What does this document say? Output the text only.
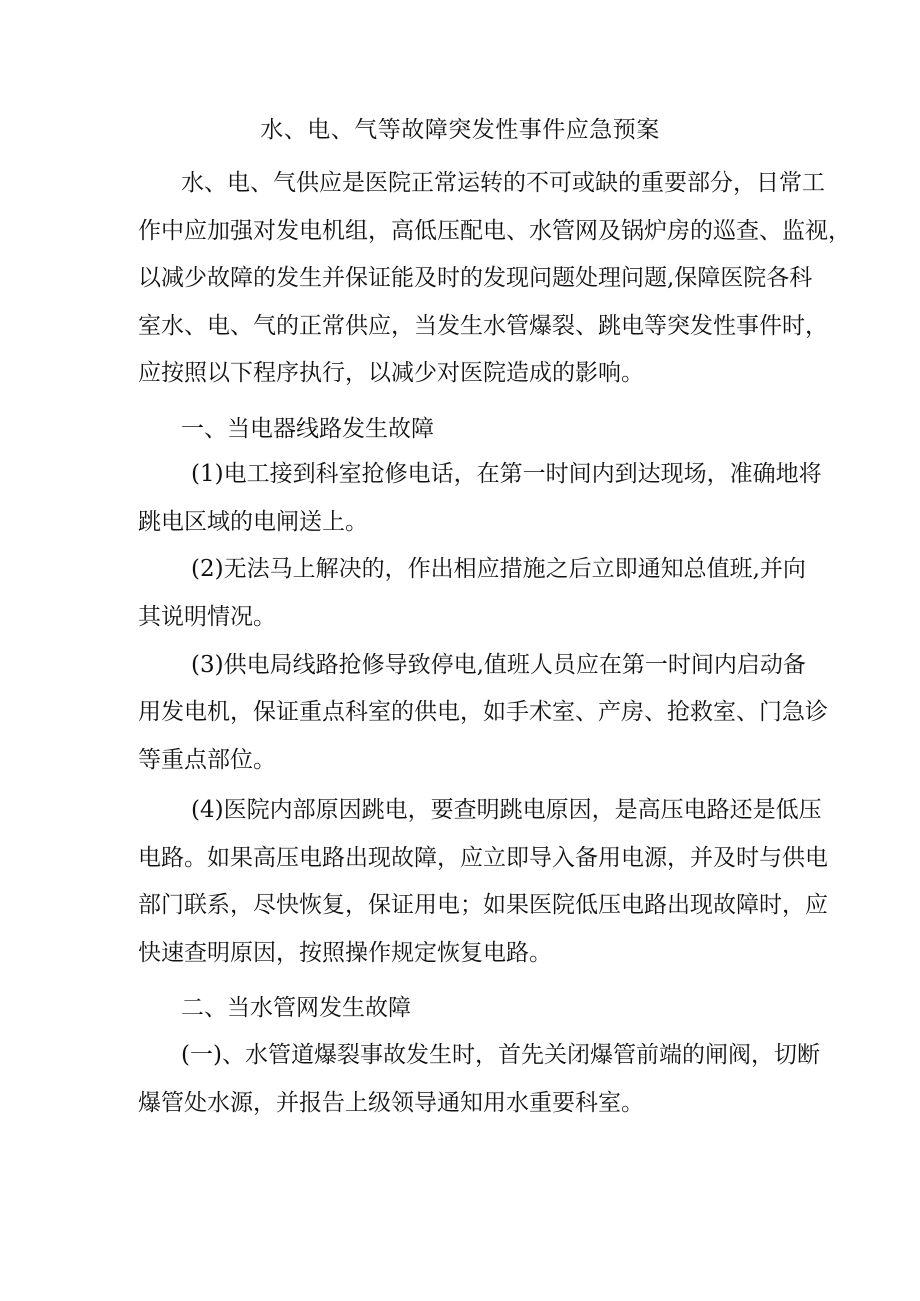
水、电、气等故障突发性事件应急预案
水、电、气供应是医院正常运转的不可或缺的重要部分，日常工
作中应加强对发电机组，高低压配电、水管网及锅炉房的巡查、监视，
以减少故障的发生并保证能及时的发现问题处理问题,保障医院各科
室水、电、气的正常供应，当发生水管爆裂、跳电等突发性事件时，
应按照以下程序执行，以减少对医院造成的影响。
一、当电器线路发生故障
(1)电工接到科室抢修电话，在第一时间内到达现场，准确地将
跳电区域的电闸送上。
(2)无法马上解决的，作出相应措施之后立即通知总值班,并向
其说明情况。
(3)供电局线路抢修导致停电,值班人员应在第一时间内启动备
用发电机，保证重点科室的供电，如手术室、产房、抢救室、门急诊
等重点部位。
(4)医院内部原因跳电，要查明跳电原因，是高压电路还是低压
电路。如果高压电路出现故障，应立即导入备用电源，并及时与供电
部门联系，尽快恢复，保证用电；如果医院低压电路出现故障时，应
快速查明原因，按照操作规定恢复电路。
二、当水管网发生故障
(一)、水管道爆裂事故发生时，首先关闭爆管前端的闸阀，切断
爆管处水源，并报告上级领导通知用水重要科室。
